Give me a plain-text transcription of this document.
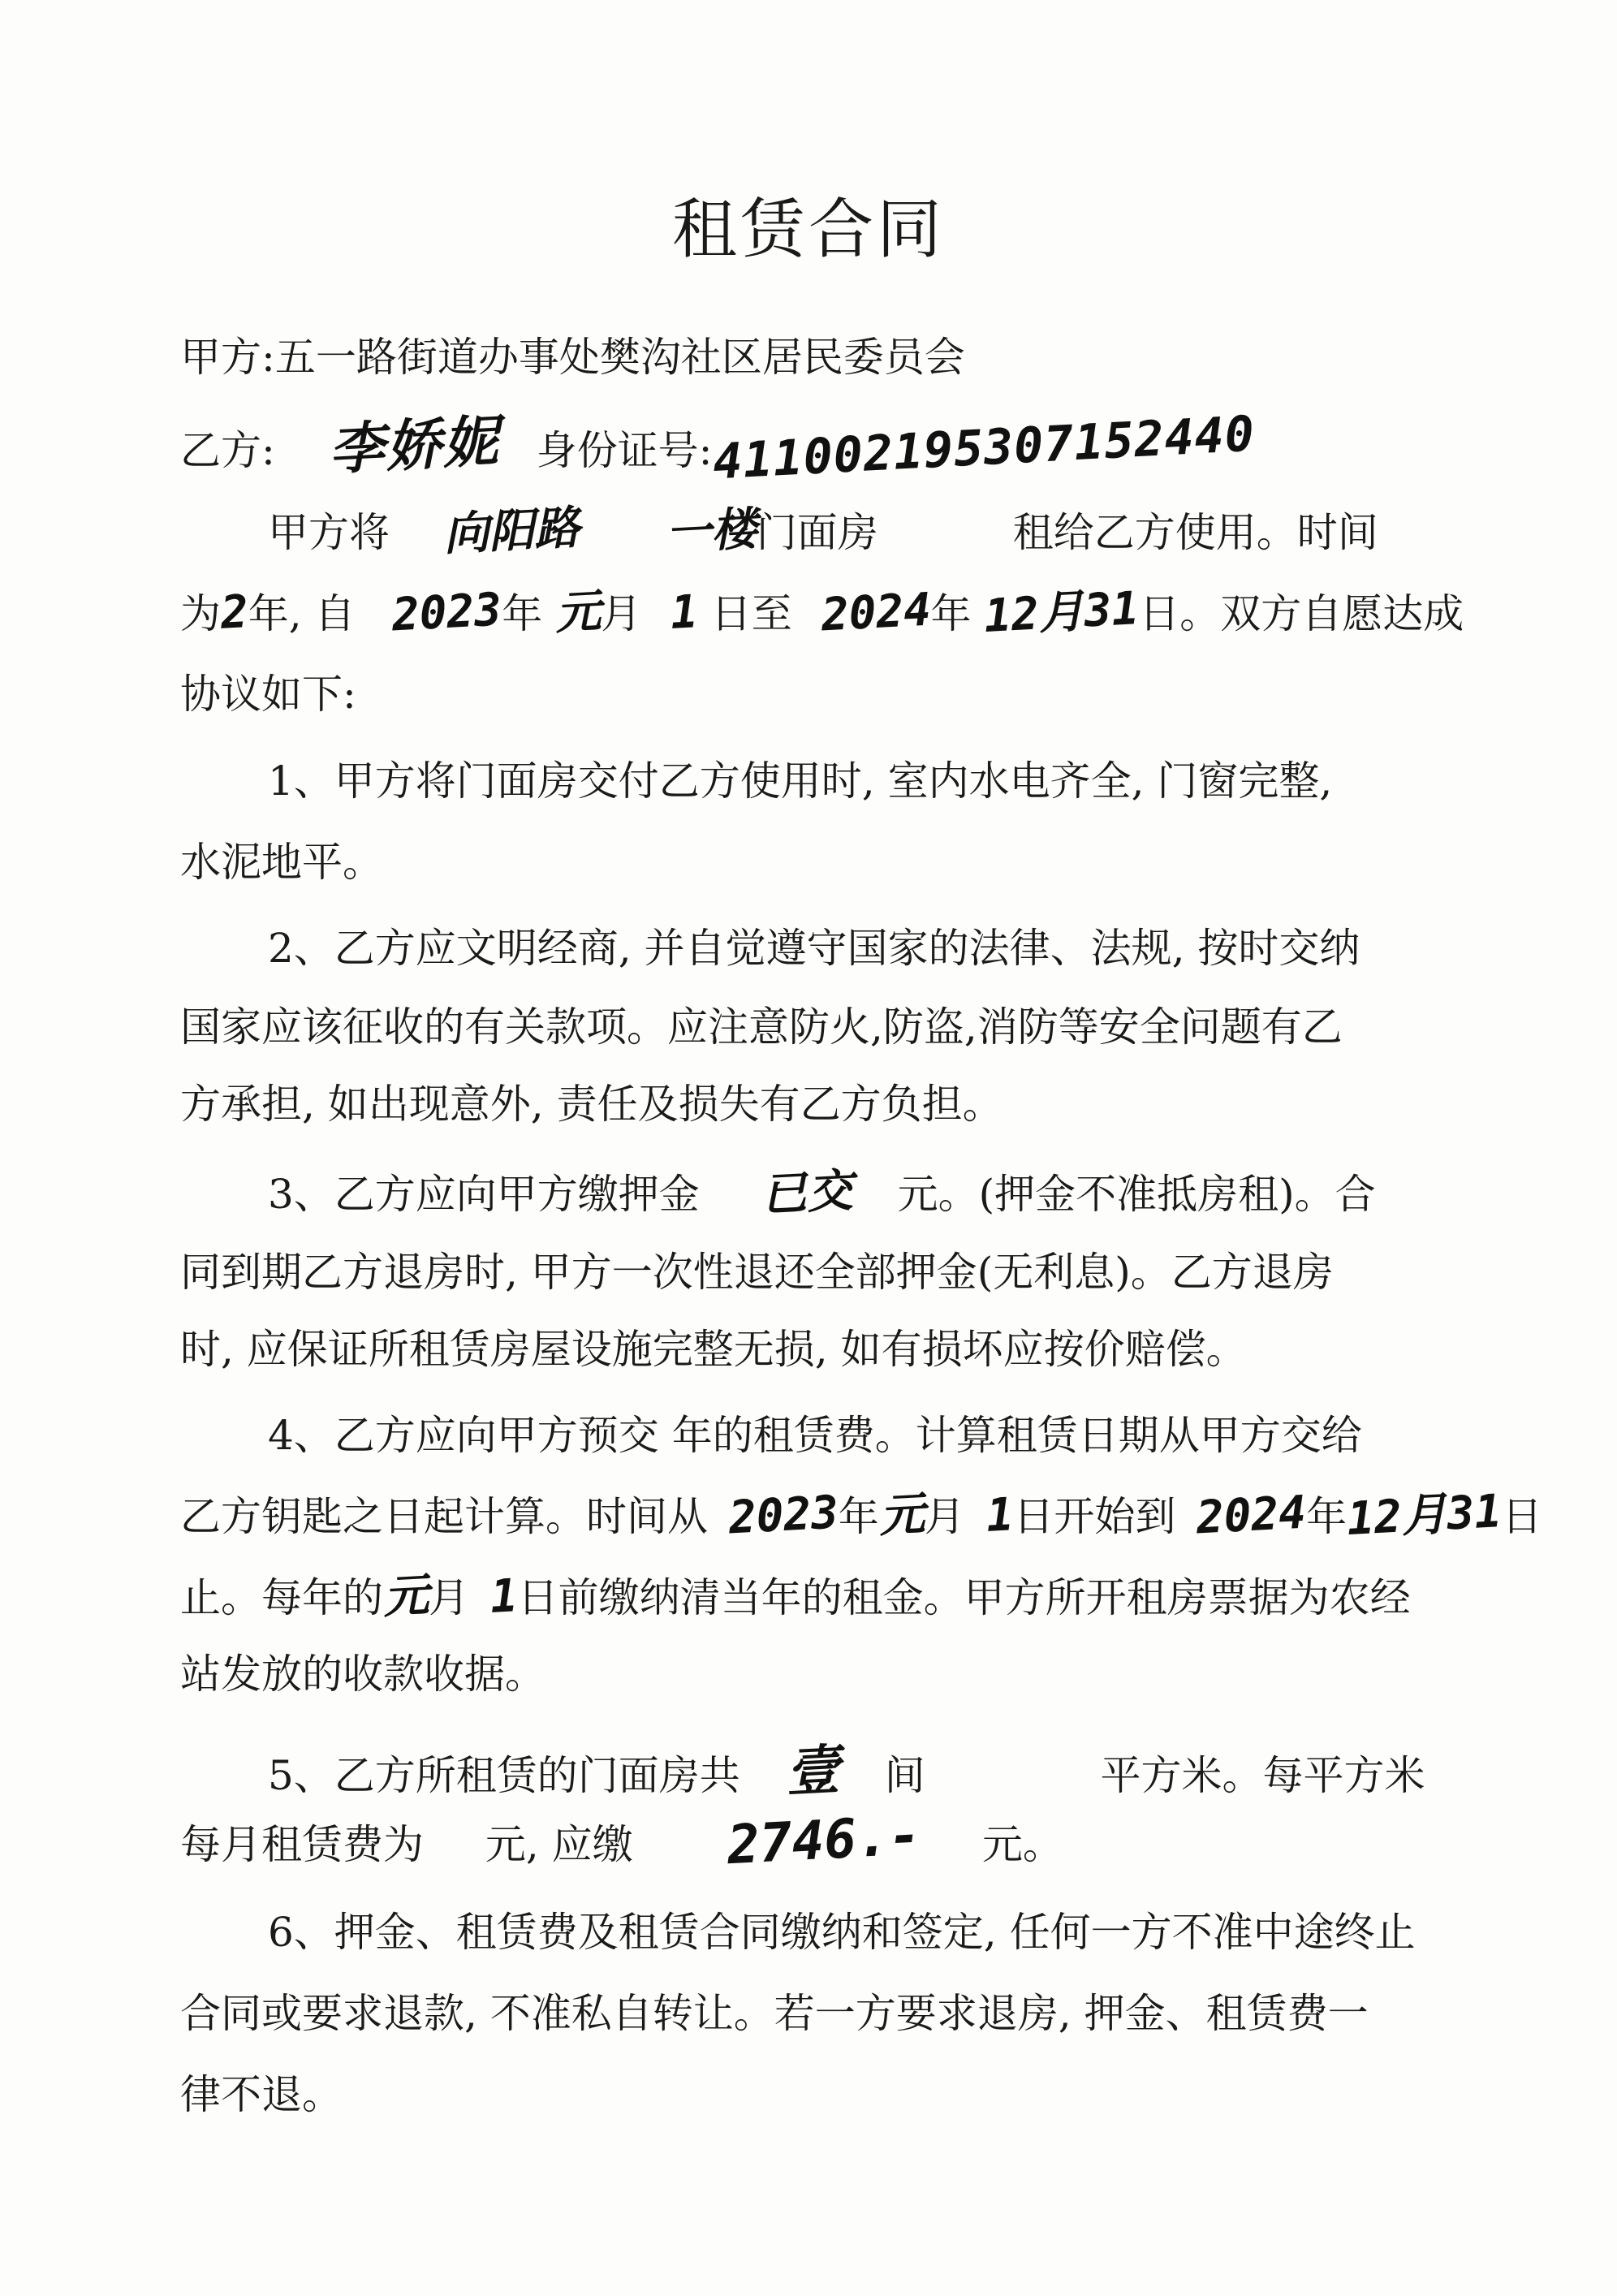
租赁合同
甲方:五一路街道办事处樊沟社区居民委员会
乙方: 李娇妮 身份证号:411002195307152440
甲方将 向阳路 一楼门面房	租给乙方使用。时间
为2年, 自 2023年 元月 1 日至 2024年 12月31日。双方自愿达成
协议如下:
1、甲方将门面房交付乙方使用时, 室内水电齐全, 门窗完整,
水泥地平。
2、乙方应文明经商, 并自觉遵守国家的法律、法规, 按时交纳
国家应该征收的有关款项。应注意防火,防盗,消防等安全问题有乙
方承担, 如出现意外, 责任及损失有乙方负担。
3、乙方应向甲方缴押金 已交 元。(押金不准抵房租)。合
同到期乙方退房时, 甲方一次性退还全部押金(无利息)。乙方退房
时, 应保证所租赁房屋设施完整无损, 如有损坏应按价赔偿。
4、乙方应向甲方预交 年的租赁费。计算租赁日期从甲方交给
乙方钥匙之日起计算。时间从 2023年元月 1日开始到 2024年12月31日
止。每年的元月 1日前缴纳清当年的租金。甲方所开租房票据为农经
站发放的收款收据。
5、乙方所租赁的门面房共 壹 间	平方米。每平方米
每月租赁费为 元, 应缴 2746.- 元。
6、押金、租赁费及租赁合同缴纳和签定, 任何一方不准中途终止
合同或要求退款, 不准私自转让。若一方要求退房, 押金、租赁费一
律不退。
